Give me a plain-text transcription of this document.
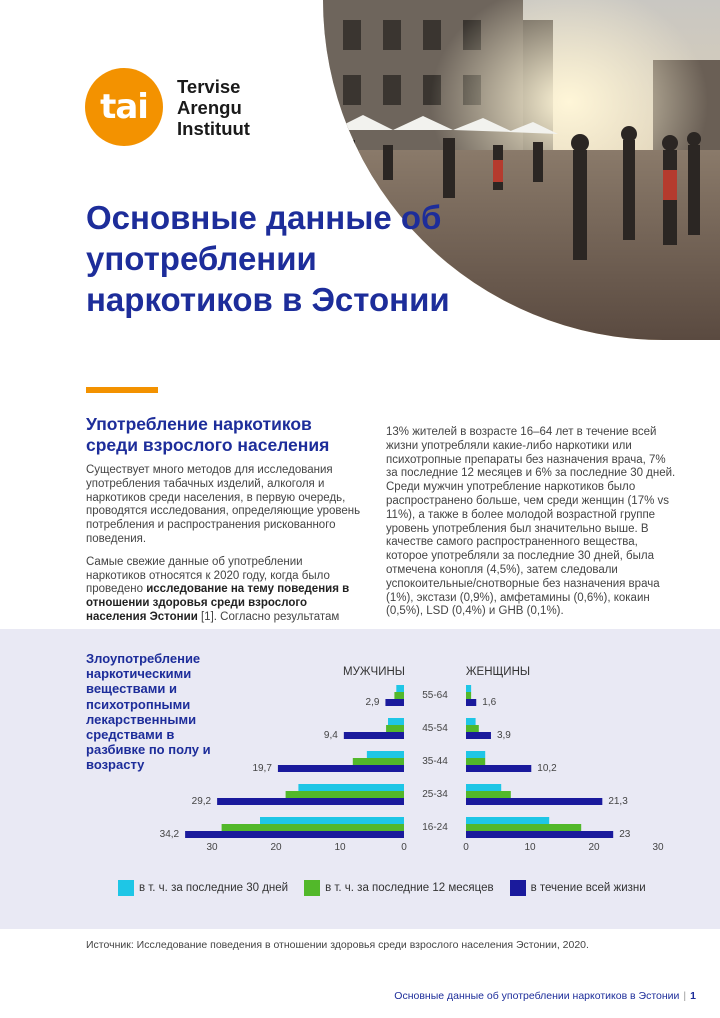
tai
Tervise
Arengu
Instituut
Основные данные об употреблении наркотиков в Эстонии
Употребление наркотиков среди взрослого населения

Существует много методов для исследования употребления табачных изделий, алкоголя и наркотиков среди населения, в первую очередь, проводятся исследования, определяющие уровень потребления и распространения рискованного поведения.

Самые свежие данные об употреблении наркотиков относятся к 2020 году, когда было проведено исследование на тему поведения в отношении здоровья среди взрослого населения Эстонии [1]. Согласно результатам

13% жителей в возрасте 16–64 лет в течение всей жизни употребляли какие-либо наркотики или психотропные препараты без назначения врача, 7% за последние 12 месяцев и 6% за последние 30 дней. Среди мужчин употребление наркотиков было распространено больше, чем среди женщин (17% vs 11%), а также в более молодой возрастной группе уровень употребления был значительно выше. В качестве самого распространенного вещества, которое употребляли за последние 30 дней, была отмечена конопля (4,5%), затем следовали успокоительные/снотворные без назначения врача (1%), экстази (0,9%), амфетамины (0,6%), кокаин (0,5%), LSD (0,4%) и GHB (0,1%).

Злоупотребление наркотическими веществами и психотропными лекарственными средствами в разбивке по полу и возрасту
МУЖЧИНЫ	ЖЕНЩИНЫ
55-64
45-54
35-44
25-34
16-24
2,9
9,4
19,7
29,2
34,2
1,6
3,9
10,2
21,3
23
30	20	10	0	0	10	20	30
в т. ч. за последние 30 дней	в т. ч. за последние 12 месяцев	в течение всей жизни
Источник: Исследование поведения в отношении здоровья среди взрослого населения Эстонии, 2020.
Основные данные об употреблении наркотиков в Эстонии | 1
